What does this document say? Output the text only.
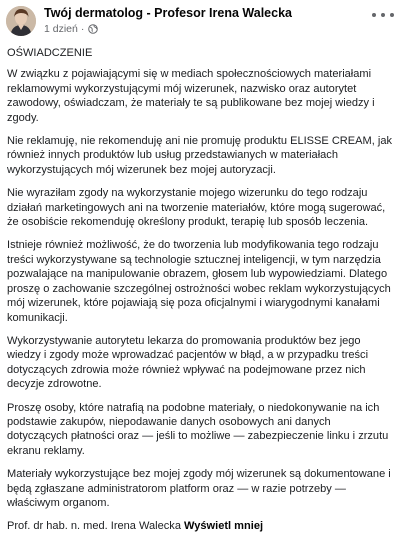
Twój dermatolog - Profesor Irena Walecka
1 dzień ·

OŚWIADCZENIE

W związku z pojawiającymi się w mediach społecznościowych materiałami reklamowymi wykorzystującymi mój wizerunek, nazwisko oraz autorytet zawodowy, oświadczam, że materiały te są publikowane bez mojej wiedzy i zgody.

Nie reklamuję, nie rekomenduję ani nie promuję produktu ELISSE CREAM, jak również innych produktów lub usług przedstawianych w materiałach wykorzystujących mój wizerunek bez mojej autoryzacji.

Nie wyraziłam zgody na wykorzystanie mojego wizerunku do tego rodzaju działań marketingowych ani na tworzenie materiałów, które mogą sugerować, że osobiście rekomenduję określony produkt, terapię lub sposób leczenia.

Istnieje również możliwość, że do tworzenia lub modyfikowania tego rodzaju treści wykorzystywane są technologie sztucznej inteligencji, w tym narzędzia pozwalające na manipulowanie obrazem, głosem lub wypowiedziami. Dlatego proszę o zachowanie szczególnej ostrożności wobec reklam wykorzystujących mój wizerunek, które pojawiają się poza oficjalnymi i wiarygodnymi kanałami komunikacji.

Wykorzystywanie autorytetu lekarza do promowania produktów bez jego wiedzy i zgody może wprowadzać pacjentów w błąd, a w przypadku treści dotyczących zdrowia może również wpływać na podejmowane przez nich decyzje zdrowotne.

Proszę osoby, które natrafią na podobne materiały, o niedokonywanie na ich podstawie zakupów, niepodawanie danych osobowych ani danych dotyczących płatności oraz — jeśli to możliwe — zabezpieczenie linku i zrzutu ekranu reklamy.

Materiały wykorzystujące bez mojej zgody mój wizerunek są dokumentowane i będą zgłaszane administratorom platform oraz — w razie potrzeby — właściwym organom.

Prof. dr hab. n. med. Irena Walecka Wyświetl mniej
